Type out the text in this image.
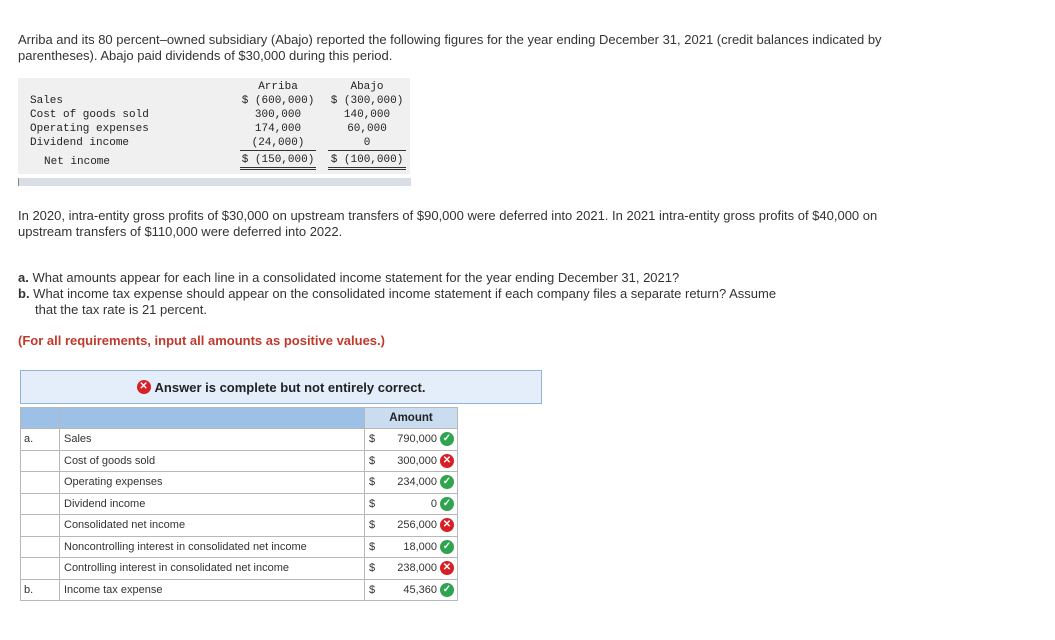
Arriba and its 80 percent–owned subsidiary (Abajo) reported the following figures for the year ending December 31, 2021 (credit balances indicated by parentheses). Abajo paid dividends of $30,000 during this period.

Arriba	Abajo
Sales	$ (600,000) $ (300,000)
Cost of goods sold	300,000	140,000
Operating expenses	174,000	60,000
Dividend income	(24,000)	0
Net income	$ (150,000) $ (100,000)

In 2020, intra-entity gross profits of $30,000 on upstream transfers of $90,000 were deferred into 2021. In 2021 intra-entity gross profits of $40,000 on upstream transfers of $110,000 were deferred into 2022.

a. What amounts appear for each line in a consolidated income statement for the year ending December 31, 2021?

b. What income tax expense should appear on the consolidated income statement if each company files a separate return? Assume

that the tax rate is 21 percent.

(For all requirements, input all amounts as positive values.)
✕ Answer is complete but not entirely correct.
		Amount
a.	Sales	$ 790,000 ✓

	Cost of goods sold	$ 300,000 ✕

	Operating expenses	$ 234,000 ✓

	Dividend income	$ 0 ✓

	Consolidated net income	$ 256,000 ✕

	Noncontrolling interest in consolidated net income	$ 18,000 ✓

	Controlling interest in consolidated net income	$ 238,000 ✕

b.	Income tax expense	$ 45,360 ✓
